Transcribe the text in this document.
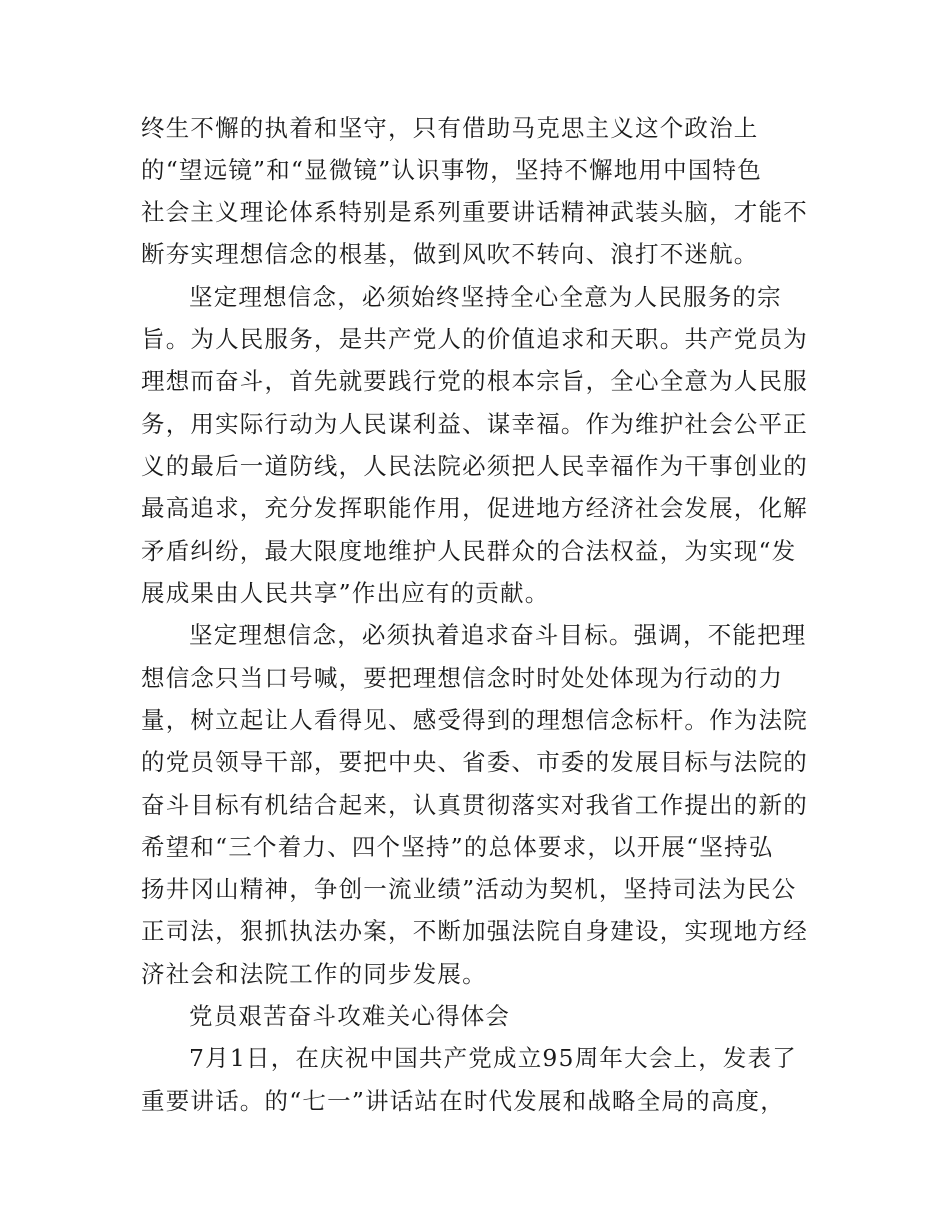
终生不懈的执着和坚守，只有借助马克思主义这个政治上
的“望远镜”和“显微镜”认识事物，坚持不懈地用中国特色
社会主义理论体系特别是系列重要讲话精神武装头脑，才能不
断夯实理想信念的根基，做到风吹不转向、浪打不迷航。
坚定理想信念，必须始终坚持全心全意为人民服务的宗
旨。为人民服务，是共产党人的价值追求和天职。共产党员为
理想而奋斗，首先就要践行党的根本宗旨，全心全意为人民服
务，用实际行动为人民谋利益、谋幸福。作为维护社会公平正
义的最后一道防线，人民法院必须把人民幸福作为干事创业的
最高追求，充分发挥职能作用，促进地方经济社会发展，化解
矛盾纠纷，最大限度地维护人民群众的合法权益，为实现“发
展成果由人民共享”作出应有的贡献。
坚定理想信念，必须执着追求奋斗目标。强调，不能把理
想信念只当口号喊，要把理想信念时时处处体现为行动的力
量，树立起让人看得见、感受得到的理想信念标杆。作为法院
的党员领导干部，要把中央、省委、市委的发展目标与法院的
奋斗目标有机结合起来，认真贯彻落实对我省工作提出的新的
希望和“三个着力、四个坚持”的总体要求，以开展“坚持弘
扬井冈山精神，争创一流业绩”活动为契机，坚持司法为民公
正司法，狠抓执法办案，不断加强法院自身建设，实现地方经
济社会和法院工作的同步发展。
党员艰苦奋斗攻难关心得体会
7月1日，在庆祝中国共产党成立95周年大会上，发表了
重要讲话。的“七一”讲话站在时代发展和战略全局的高度，
